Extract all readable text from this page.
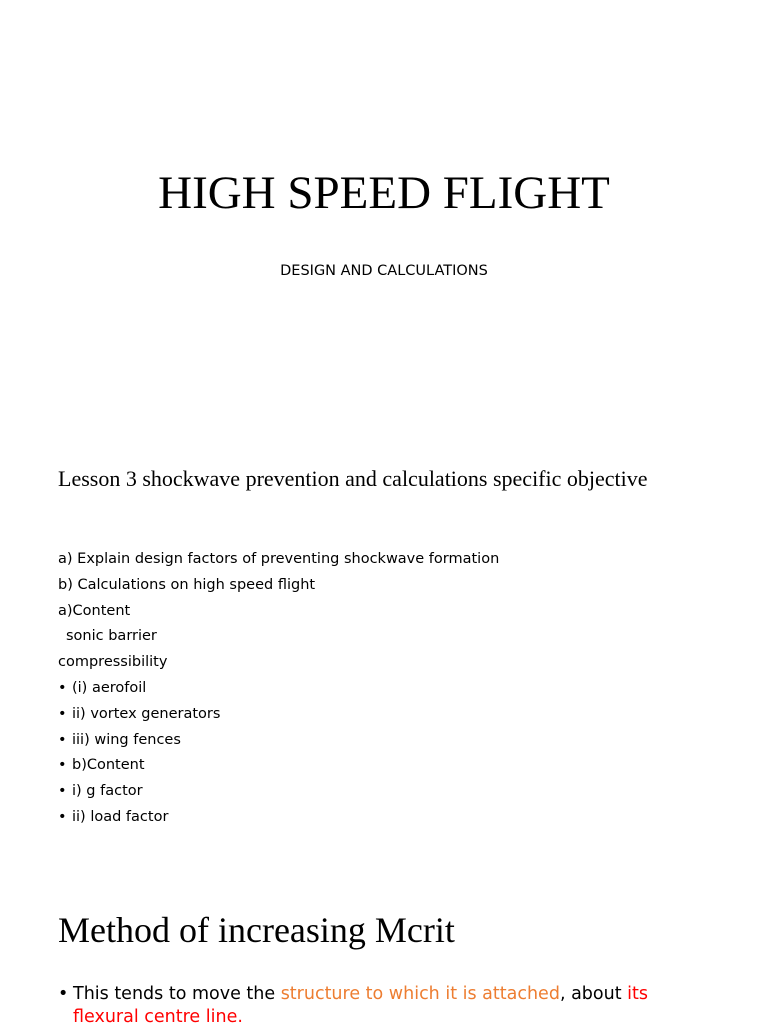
HIGH SPEED FLIGHT
DESIGN AND CALCULATIONS
Lesson 3 shockwave prevention and calculations specific objective
a) Explain design factors of preventing shockwave formation
b) Calculations on high speed flight
a)Content
sonic barrier
compressibility
• (i) aerofoil
• ii) vortex generators
• iii) wing fences
• b)Content
• i) g factor
• ii) load factor
Method of increasing Mcrit
• This tends to move the structure to which it is attached, about its flexural centre line.
